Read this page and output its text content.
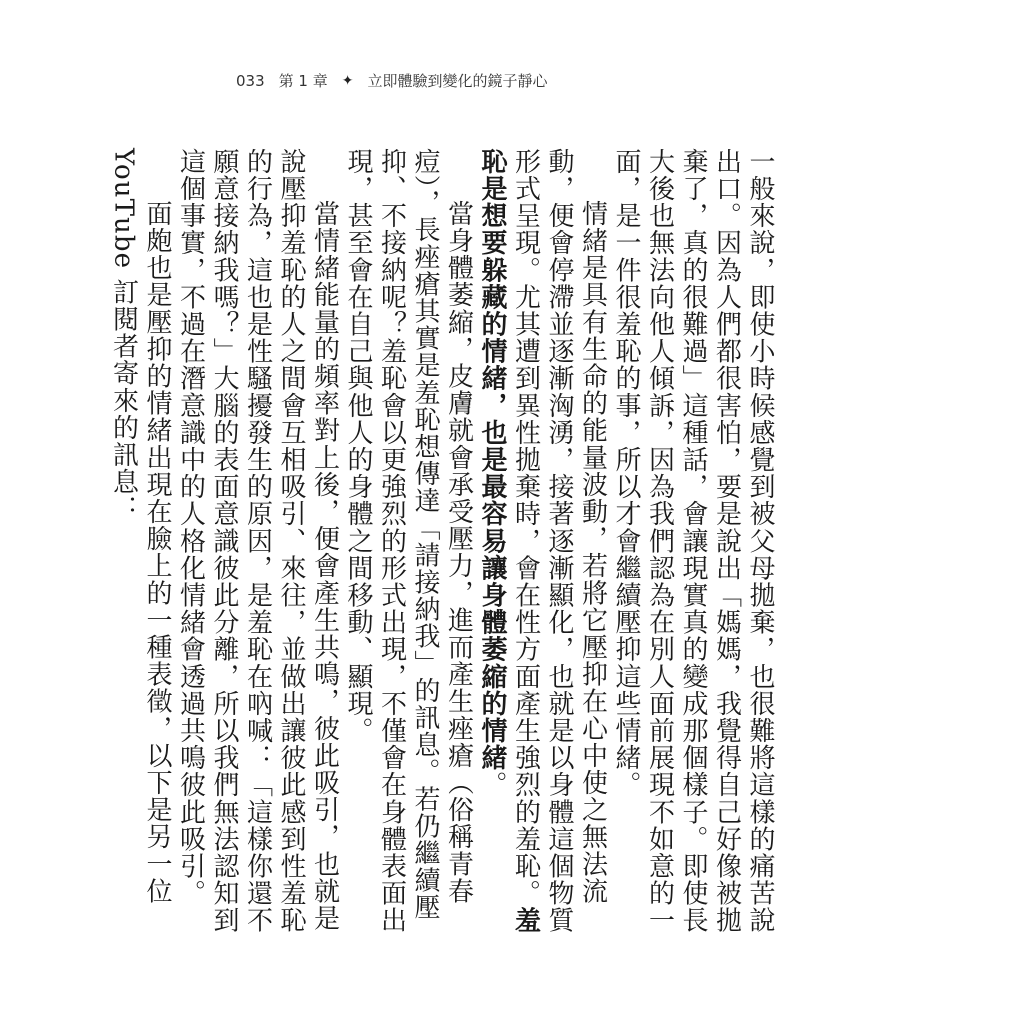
033 第 1 章 ✦ 立即體驗到變化的鏡子靜心

一般來說，即使小時候感覺到被父母拋棄，也很難將這樣的痛苦說出口。因為人們都很害怕，要是說出「媽媽，我覺得自己好像被拋棄了，真的很難過」這種話，會讓現實真的變成那個樣子。即使長大後也無法向他人傾訴，因為我們認為在別人面前展現不如意的一面，是一件很羞恥的事，所以才會繼續壓抑這些情緒。

情緒是具有生命的能量波動，若將它壓抑在心中使之無法流動，便會停滯並逐漸洶湧，接著逐漸顯化，也就是以身體這個物質形式呈現。尤其遭到異性拋棄時，會在性方面產生強烈的羞恥。羞恥是想要躲藏的情緒，也是最容易讓身體萎縮的情緒。

當身體萎縮，皮膚就會承受壓力，進而產生痤瘡（俗稱青春痘），長痤瘡其實是羞恥想傳達「請接納我」的訊息。若仍繼續壓抑、不接納呢？羞恥會以更強烈的形式出現，不僅會在身體表面出現，甚至會在自己與他人的身體之間移動、顯現。

當情緒能量的頻率對上後，便會產生共鳴，彼此吸引，也就是說壓抑羞恥的人之間會互相吸引、來往，並做出讓彼此感到性羞恥的行為，這也是性騷擾發生的原因，是羞恥在吶喊：「這樣你還不願意接納我嗎？」大腦的表面意識彼此分離，所以我們無法認知到這個事實，不過在潛意識中的人格化情緒會透過共鳴彼此吸引。

面皰也是壓抑的情緒出現在臉上的一種表徵，以下是另一位 YouTube 訂閱者寄來的訊息：
